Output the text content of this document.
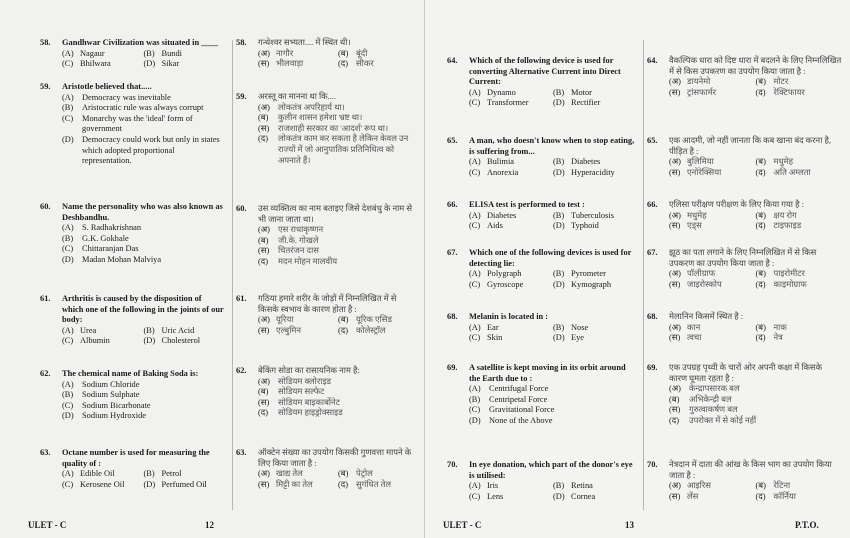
58. Gandhwar Civilization was situated in ____
(A) Nagaur	(B) Bundi
(C) Bhilwara	(D) Sikar
59. Aristotle believed that.....
(A) Democracy was inevitable
(B)	Aristocratic rule was always corrupt
(C)	Monarchy was the 'ideal' form of government
(D) Democracy could work but only in states which adopted proportional representation.
60. Name the personality who was also known as Deshbandhu.
(A) S. Radhakrishnan
(B)	G.K. Gokhale
(C)	Chittaranjan Das
(D) Madan Mohan Malviya
61. Arthritis is caused by the disposition of which one of the following in the joints of our body:
(A) Urea	(B) Uric Acid
(C) Albumin	(D) Cholesterol
62. The chemical name of Baking Soda is:
(A) Sodium Chloride
(B)	Sodium Sulphate
(C)	Sodium Bicarbonate
(D) Sodium Hydroxide
63. Octane number is used for measuring the quality of :
(A) Edible Oil	(B) Petrol
(C) Kerosene Oil	(D) Perfumed Oil
58. गन्धेश्वर सभ्यता.... में स्थित थी।
(अ) नागौर	(ब) बूंदी
(स) भीलवाड़ा	(द) सीकर
59. अरस्तू का मानना था कि....
(अ) लोकतंत्र अपरिहार्य था।
(ब)	कुलीन शासन हमेशा भ्रष्ट था।
(स)	राजशाही सरकार का 'आदर्श' रूप था।
(द)	लोकतंत्र काम कर सकता है लेकिन केवल उन राज्यों में जो आनुपातिक प्रतिनिधित्व को अपनाते हैं।
60. उस व्यक्तित्व का नाम बताइए जिसे देशबंधु के नाम से भी जाना जाता था।
(अ) एस राधाकृष्णन
(ब)	जी.के. गोखले
(स)	चितरंजन दास
(द)	मदन मोहन मालवीय
61. गठिया हमारे शरीर के जोड़ों में निम्नलिखित में से किसके स्वभाव के कारण होता है :
(अ) यूरिया	(ब) यूरिक एसिड
(स) एल्बुमिन	(द) कोलेस्ट्रॉल
62. बेकिंग सोडा का रासायनिक नाम है:
(अ) सोडियम क्लोराइड
(ब)	सोडियम सल्फेट
(स)	सोडियम बाइकार्बोनेट
(द)	सोडियम हाइड्रोक्साइड
63. ऑक्टेन संख्या का उपयोग किसकी गुणवत्ता मापने के लिए किया जाता है :
(अ) खाद्य तेल	(ब) पेट्रोल
(स) मिट्टी का तेल	(द) सुगंधित तेल
ULET - C	12
64. Which of the following device is used for converting Alternative Current into Direct Current:
(A) Dynamo	(B) Motor
(C) Transformer	(D) Rectifier
65. A man, who doesn't know when to stop eating, is suffering from...
(A) Bulimia	(B) Diabetes
(C) Anorexia	(D) Hyperacidity
66. ELISA test is performed to test :
(A) Diabetes	(B) Tuberculosis
(C) Aids	(D) Typhoid
67. Which one of the following devices is used for detecting lie:
(A) Polygraph	(B) Pyrometer
(C) Gyroscope	(D) Kymograph
68. Melanin is located in :
(A) Ear	(B) Nose
(C) Skin	(D) Eye
69. A satellite is kept moving in its orbit around the Earth due to :
(A) Centrifugal Force
(B)	Centripetal Force
(C)	Gravitational Force
(D) None of the Above
70. In eye donation, which part of the donor's eye is utilised:
(A) Iris	(B) Retina
(C) Lens	(D) Cornea
64. वैकल्पिक धारा को दिष्ट धारा में बदलने के लिए निम्नलिखित में से किस उपकरण का उपयोग किया जाता है :
(अ) डायनेमो	(ब) मोटर
(स) ट्रांसफार्मर	(द) रेक्टिफायर
65. एक आदमी, जो नहीं जानता कि कब खाना बंद करना है, पीड़ित है :
(अ) बुलिमिया	(ब) मधुमेह
(स) एनोरेक्सिया	(द) अति अम्लता
66. एलिसा परीक्षण परीक्षण के लिए किया गया है :
(अ) मधुमेह	(ब) क्षय रोग
(स) एड्स	(द) टाइफाइड
67. झूठ का पता लगाने के लिए निम्नलिखित में से किस उपकरण का उपयोग किया जाता है :
(अ) पॉलीग्राफ	(ब) पाइरोमीटर
(स) जाइरोस्कोप	(द) काइमोग्राफ
68. मेलानिन किसमें स्थित है :
(अ) कान	(ब) नाक
(स) त्वचा	(द) नेत्र
69. एक उपग्रह पृथ्वी के चारों ओर अपनी कक्षा में किसके कारण घूमता रहता है :
(अ) केन्द्रापसारक बल
(ब)	अभिकेन्द्री बल
(स)	गुरुत्वाकर्षण बल
(द)	उपरोक्त में से कोई नहीं
70. नेत्रदान में दाता की आंख के किस भाग का उपयोग किया जाता है :
(अ) आइरिस	(ब) रेटिना
(स) लेंस	(द) कॉर्निया
ULET - C	13	P.T.O.
